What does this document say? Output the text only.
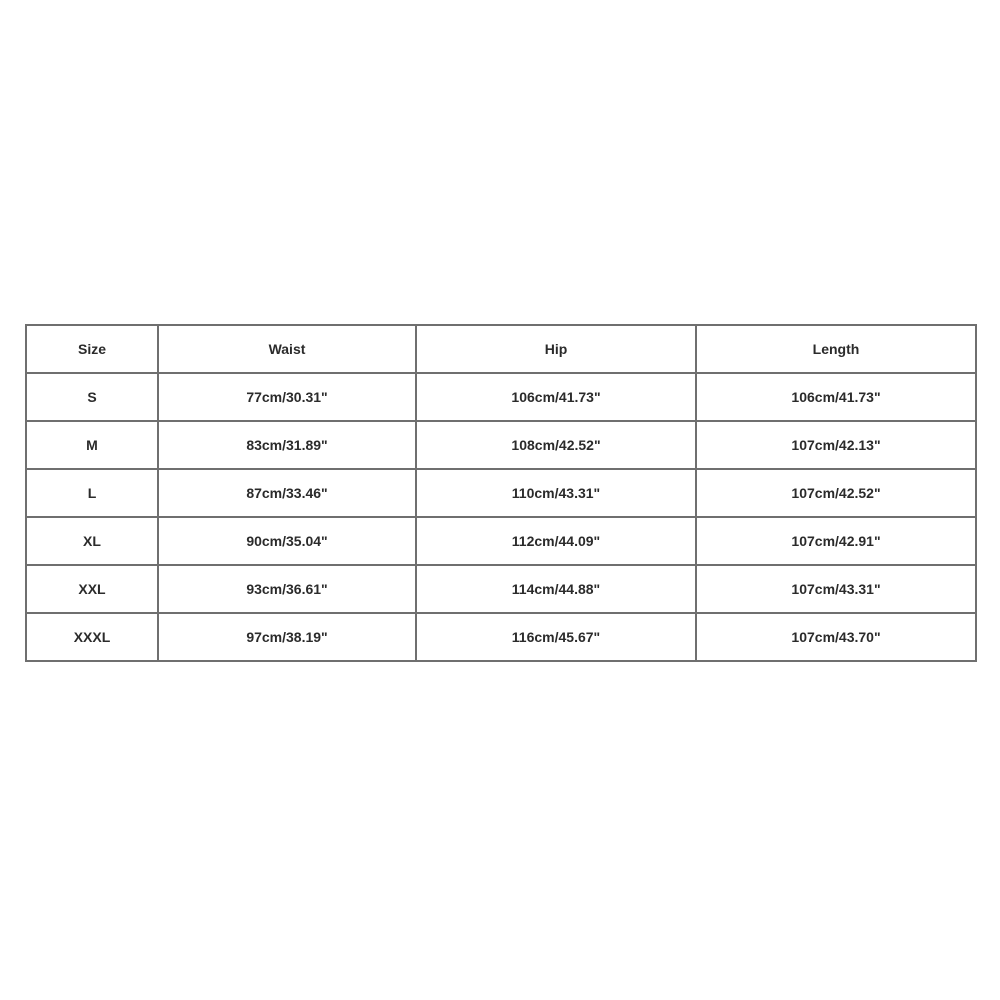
Size	Waist	Hip	Length
S	77cm/30.31"	106cm/41.73"	106cm/41.73"
M	83cm/31.89"	108cm/42.52"	107cm/42.13"
L	87cm/33.46"	110cm/43.31"	107cm/42.52"
XL	90cm/35.04"	112cm/44.09"	107cm/42.91"
XXL	93cm/36.61"	114cm/44.88"	107cm/43.31"
XXXL	97cm/38.19"	116cm/45.67"	107cm/43.70"
